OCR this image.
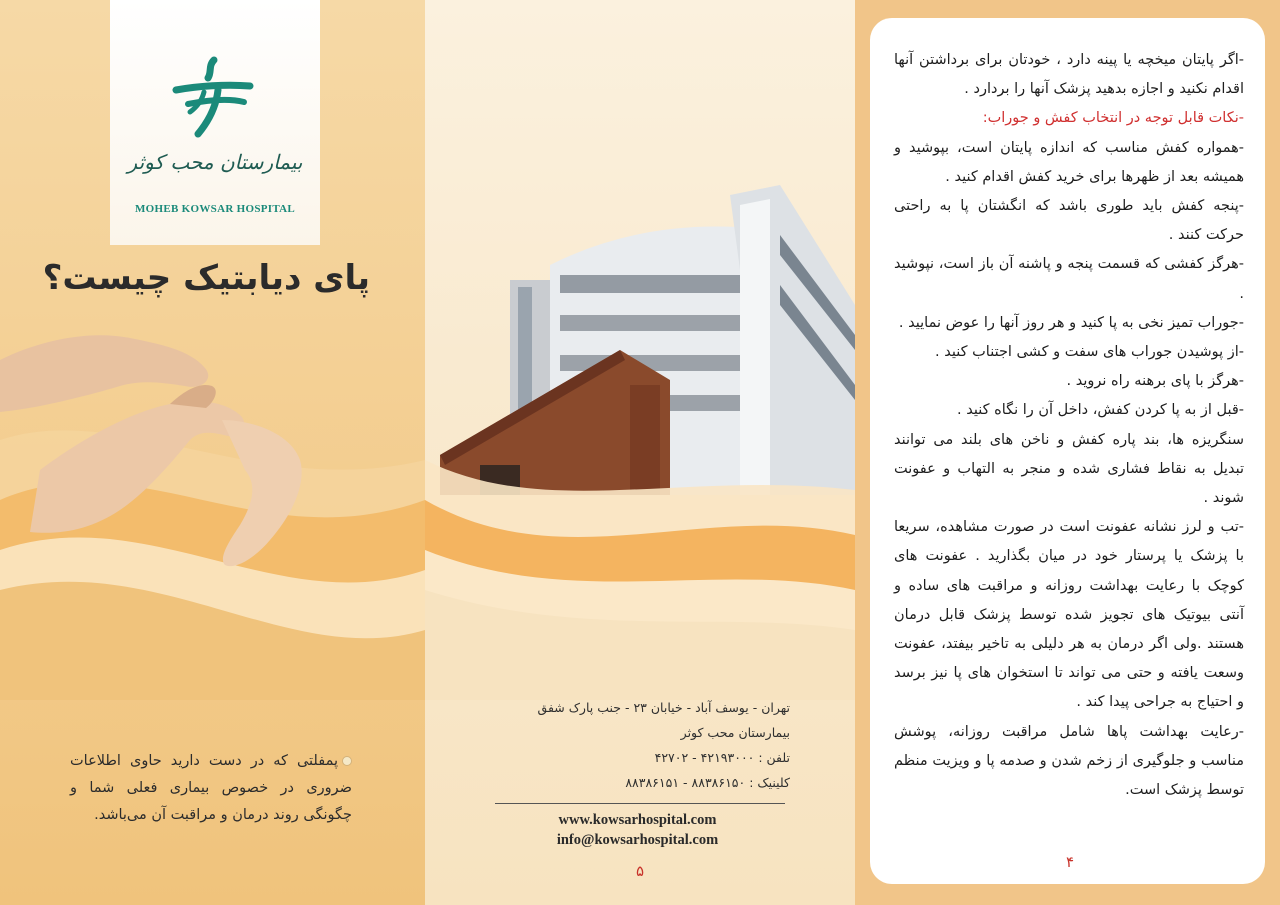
بیمارستان محب کوثر
MOHEB KOWSAR HOSPITAL
پای دیابتیک چیست؟
پمفلتی که در دست دارید حاوی اطلاعات ضروری در خصوص بیماری فعلی شما و چگونگی روند درمان و مراقبت آن می‌باشد.
تهران - یوسف آباد - خیابان ۲۳ - جنب پارک شفق
بیمارستان محب کوثر
تلفن : ۴۲۱۹۳۰۰۰ - ۴۲۷۰۲
کلینیک : ۸۸۳۸۶۱۵۰ - ۸۸۳۸۶۱۵۱
www.kowsarhospital.com
info@kowsarhospital.com
۵

-اگر پایتان میخچه یا پینه دارد ، خودتان برای برداشتن آنها اقدام نکنید و اجازه بدهید پزشک آنها را بردارد .

-نکات قابل توجه در انتخاب کفش و جوراب:

-همواره کفش مناسب که اندازه پایتان است، بپوشید و همیشه بعد از ظهرها برای خرید کفش اقدام کنید .

-پنجه کفش باید طوری باشد که انگشتان پا به راحتی حرکت کنند .

-هرگز کفشی که قسمت پنجه و پاشنه آن باز است، نپوشید .

-جوراب تمیز نخی به پا کنید و هر روز آنها را عوض نمایید .

-از پوشیدن جوراب های سفت و کشی اجتناب کنید .

-هرگز با پای برهنه راه نروید .

-قبل از به پا کردن کفش، داخل آن را نگاه کنید .

سنگریزه ها، بند پاره کفش و ناخن های بلند می توانند تبدیل به نقاط فشاری شده و منجر به التهاب و عفونت شوند .

-تب و لرز نشانه عفونت است در صورت مشاهده، سریعا با پزشک یا پرستار خود در میان بگذارید . عفونت های کوچک با رعایت بهداشت روزانه و مراقبت های ساده و آنتی بیوتیک های تجویز شده توسط پزشک قابل درمان هستند .ولی اگر درمان به هر دلیلی به تاخیر بیفتد، عفونت وسعت یافته و حتی می تواند تا استخوان های پا نیز برسد و احتیاج به جراحی پیدا کند .

-رعایت بهداشت پاها شامل مراقبت روزانه، پوشش مناسب و جلوگیری از زخم شدن و صدمه پا و ویزیت منظم توسط پزشک است.

۴
